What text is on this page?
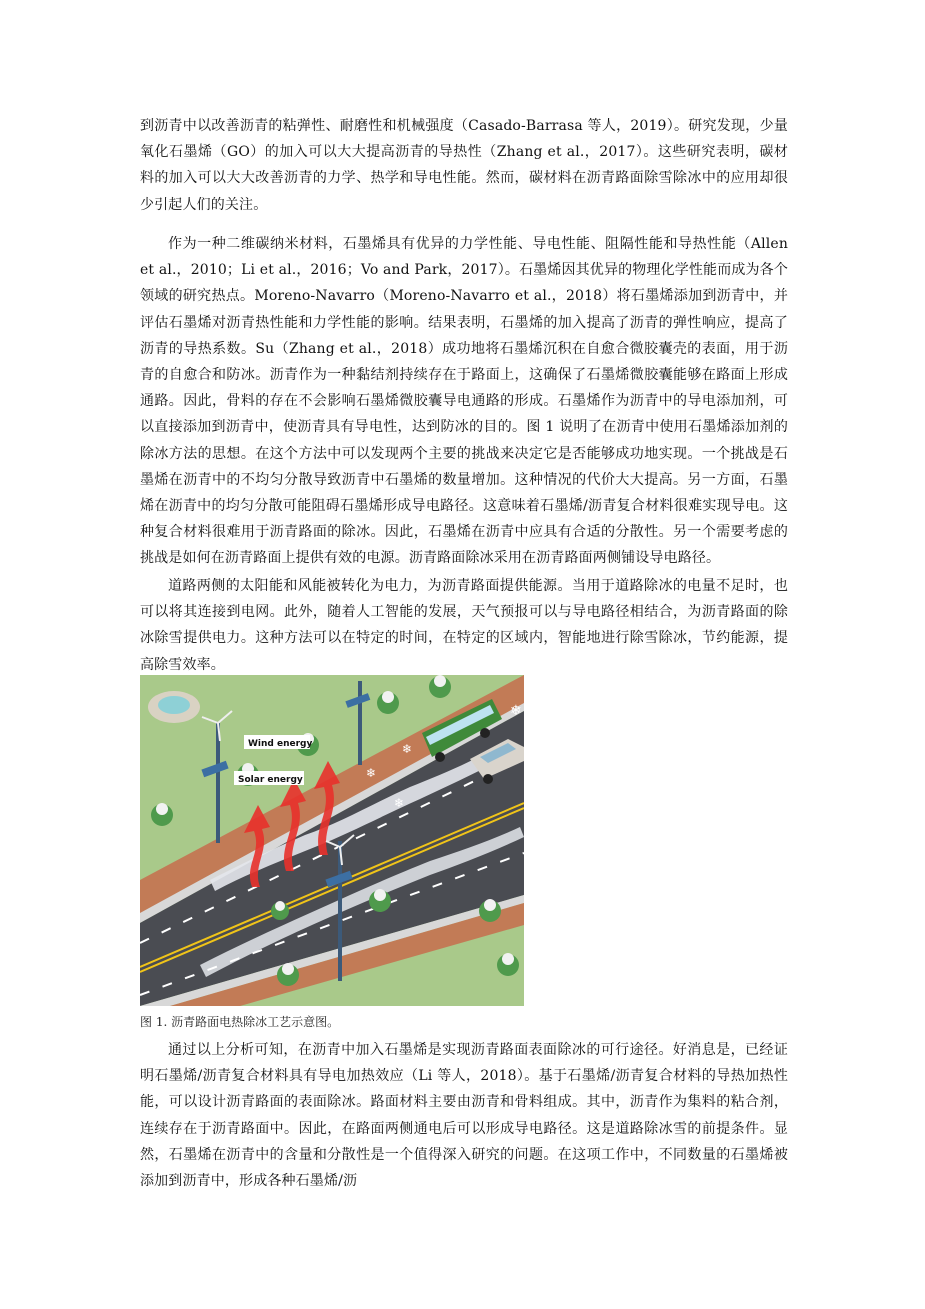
到沥青中以改善沥青的粘弹性、耐磨性和机械强度（Casado-Barrasa 等人，2019）。研究发现，少量氧化石墨烯（GO）的加入可以大大提高沥青的导热性（Zhang et al.，2017）。这些研究表明，碳材料的加入可以大大改善沥青的力学、热学和导电性能。然而，碳材料在沥青路面除雪除冰中的应用却很少引起人们的关注。

作为一种二维碳纳米材料，石墨烯具有优异的力学性能、导电性能、阻隔性能和导热性能（Allen et al.，2010；Li et al.，2016；Vo and Park，2017）。石墨烯因其优异的物理化学性能而成为各个领域的研究热点。Moreno-Navarro（Moreno-Navarro et al.，2018）将石墨烯添加到沥青中，并评估石墨烯对沥青热性能和力学性能的影响。结果表明，石墨烯的加入提高了沥青的弹性响应，提高了沥青的导热系数。Su（Zhang et al.，2018）成功地将石墨烯沉积在自愈合微胶囊壳的表面，用于沥青的自愈合和防冰。沥青作为一种黏结剂持续存在于路面上，这确保了石墨烯微胶囊能够在路面上形成通路。因此，骨料的存在不会影响石墨烯微胶囊导电通路的形成。石墨烯作为沥青中的导电添加剂，可以直接添加到沥青中，使沥青具有导电性，达到防冰的目的。图 1 说明了在沥青中使用石墨烯添加剂的除冰方法的思想。在这个方法中可以发现两个主要的挑战来决定它是否能够成功地实现。一个挑战是石墨烯在沥青中的不均匀分散导致沥青中石墨烯的数量增加。这种情况的代价大大提高。另一方面，石墨烯在沥青中的均匀分散可能阻碍石墨烯形成导电路径。这意味着石墨烯/沥青复合材料很难实现导电。这种复合材料很难用于沥青路面的除冰。因此，石墨烯在沥青中应具有合适的分散性。另一个需要考虑的挑战是如何在沥青路面上提供有效的电源。沥青路面除冰采用在沥青路面两侧铺设导电路径。

道路两侧的太阳能和风能被转化为电力，为沥青路面提供能源。当用于道路除冰的电量不足时，也可以将其连接到电网。此外，随着人工智能的发展，天气预报可以与导电路径相结合，为沥青路面的除冰除雪提供电力。这种方法可以在特定的时间，在特定的区域内，智能地进行除雪除冰，节约能源，提高除雪效率。

❄
❄
❄
❄
Wind energy
Solar energy
图 1. 沥青路面电热除冰工艺示意图。

通过以上分析可知，在沥青中加入石墨烯是实现沥青路面表面除冰的可行途径。好消息是，已经证明石墨烯/沥青复合材料具有导电加热效应（Li 等人，2018）。基于石墨烯/沥青复合材料的导热加热性能，可以设计沥青路面的表面除冰。路面材料主要由沥青和骨料组成。其中，沥青作为集料的粘合剂，连续存在于沥青路面中。因此，在路面两侧通电后可以形成导电路径。这是道路除冰雪的前提条件。显然，石墨烯在沥青中的含量和分散性是一个值得深入研究的问题。在这项工作中，不同数量的石墨烯被添加到沥青中，形成各种石墨烯/沥
